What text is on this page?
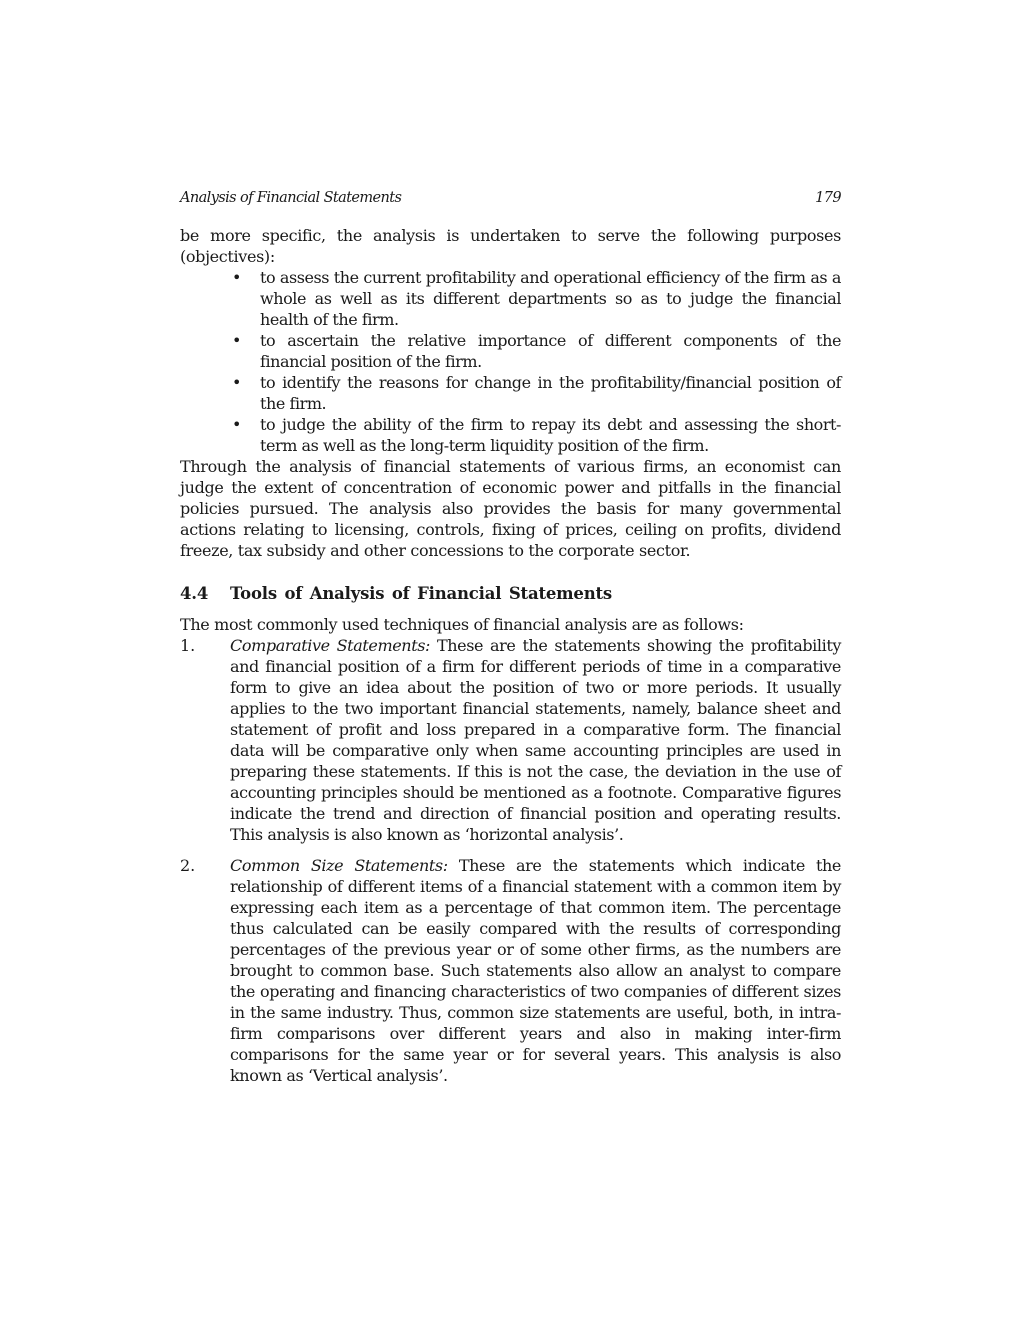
Analysis of Financial Statements	179

be more specific, the analysis is undertaken to serve the following purposes (objectives):

• to assess the current profitability and operational efficiency of the firm as a whole as well as its different departments so as to judge the financial health of the firm.
• to ascertain the relative importance of different components of the financial position of the firm.
• to identify the reasons for change in the profitability/financial position of the firm.
• to judge the ability of the firm to repay its debt and assessing the short-term as well as the long-term liquidity position of the firm.

Through the analysis of financial statements of various firms, an economist can judge the extent of concentration of economic power and pitfalls in the financial policies pursued. The analysis also provides the basis for many governmental actions relating to licensing, controls, fixing of prices, ceiling on profits, dividend freeze, tax subsidy and other concessions to the corporate sector.

4.4	Tools of Analysis of Financial Statements

The most commonly used techniques of financial analysis are as follows:

1. Comparative Statements: These are the statements showing the profitability and financial position of a firm for different periods of time in a comparative form to give an idea about the position of two or more periods. It usually applies to the two important financial statements, namely, balance sheet and statement of profit and loss prepared in a comparative form. The financial data will be comparative only when same accounting principles are used in preparing these statements. If this is not the case, the deviation in the use of accounting principles should be mentioned as a footnote. Comparative figures indicate the trend and direction of financial position and operating results. This analysis is also known as ‘horizontal analysis’.
2. Common Size Statements: These are the statements which indicate the relationship of different items of a financial statement with a common item by expressing each item as a percentage of that common item. The percentage thus calculated can be easily compared with the results of corresponding percentages of the previous year or of some other firms, as the numbers are brought to common base. Such statements also allow an analyst to compare the operating and financing characteristics of two companies of different sizes in the same industry. Thus, common size statements are useful, both, in intra-firm comparisons over different years and also in making inter-firm comparisons for the same year or for several years. This analysis is also known as ‘Vertical analysis’.
